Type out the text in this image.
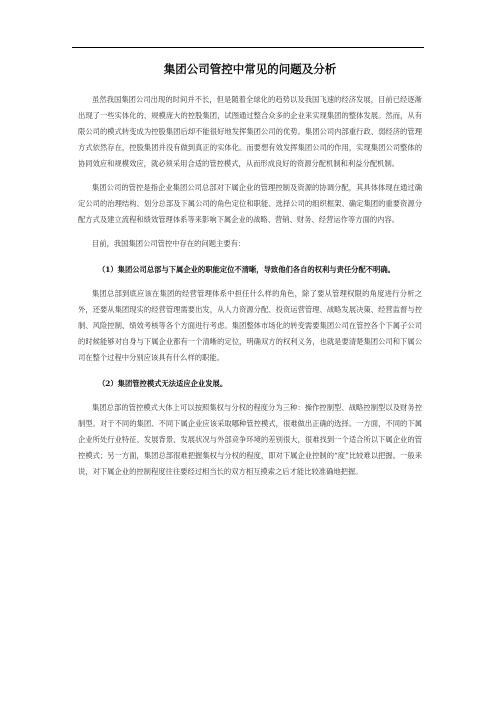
集团公司管控中常见的问题及分析

虽然我国集团公司出现的时间并不长，但是随着全球化的趋势以及我国飞速的经济发展，目前已经逐渐出现了一些实体化的、规模庞大的控股集团，试图通过整合众多的企业来实现集团的整体发展。然而，从有限公司的模式转变成为控股集团后却不能很好地发挥集团公司的优势。集团公司内部重行政、弱经济的管理方式依然存在，控股集团并没有做到真正的实体化。而要想有效发挥集团公司的作用，实现集团公司整体的协同效应和规模效应，就必须采用合适的管控模式，从而形成良好的资源分配机制和利益分配机制。

集团公司的管控是指企业集团公司总部对下属企业的管理控制及资源的协调分配，其具体体现在通过确定公司的治理结构、划分总部及下属公司的角色定位和职能、选择公司的组织框架、确定集团的重要资源分配方式及建立流程和绩效管理体系等来影响下属企业的战略、营销、财务、经营运作等方面的内容。

目前，我国集团公司管控中存在的问题主要有：

（1）集团公司总部与下属企业的职能定位不清晰，导致他们各自的权利与责任分配不明确。

集团总部到底应该在集团的经营管理体系中担任什么样的角色，除了要从管理权限的角度进行分析之外，还要从集团现实的经营管理需要出发，从人力资源分配、投资运营管理、战略发展决策、经营监督与控制、风险控制、绩效考核等各个方面进行考虑。集团整体市场化的转变需要集团公司在管控各个下属子公司的时候能够对自身与下属企业都有一个清晰的定位，明确双方的权利义务，也就是要清楚集团公司和下属公司在整个过程中分别应该具有什么样的职能。

（2）集团管控模式无法适应企业发展。

集团总部的管控模式大体上可以按照集权与分权的程度分为三种：操作控制型、战略控制型以及财务控制型。对于不同的集团、不同下属企业应该采取哪种管控模式，很难做出正确的选择。一方面，不同的下属企业所处行业特征、发展背景、发展状况与外部竞争环境的差别很大，很难找到一个适合所以下属企业的管控模式；另一方面，集团总部很难把握集权与分权的程度，即对下属企业控制的“度”比较难以把握。一般来说，对下属企业的控制程度往往要经过相当长的双方相互摸索之后才能比较准确地把握。
